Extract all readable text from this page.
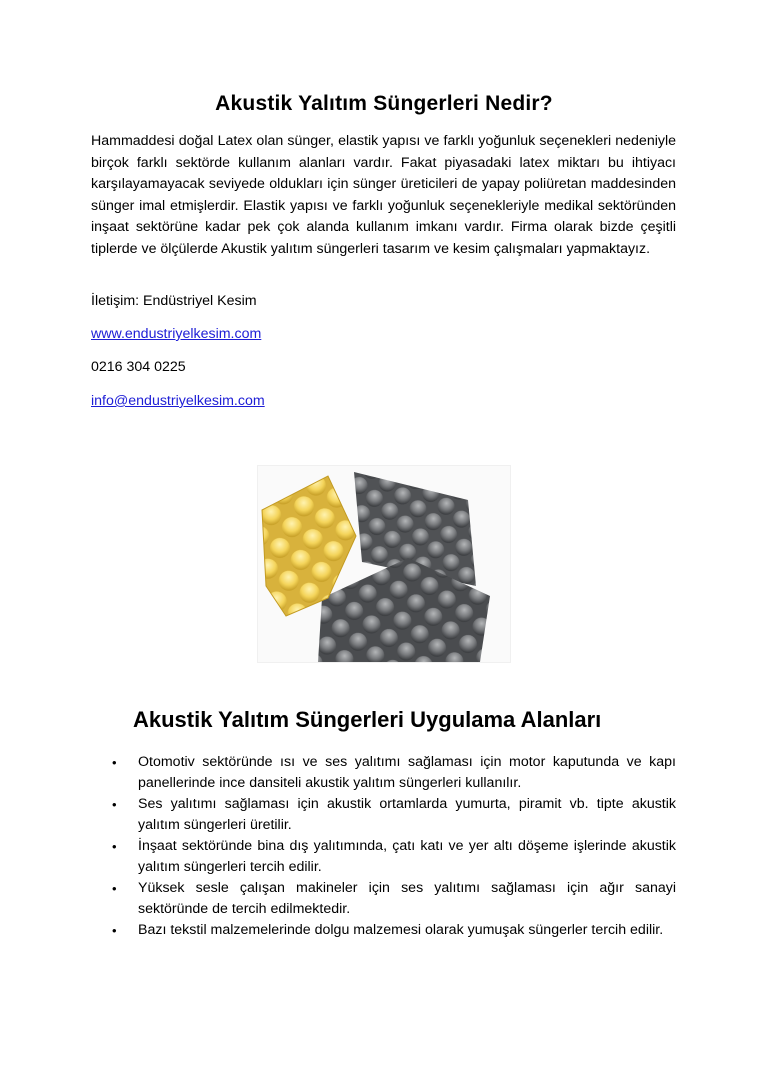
Akustik Yalıtım Süngerleri Nedir?

Hammaddesi doğal Latex olan sünger, elastik yapısı ve farklı yoğunluk seçenekleri nedeniyle birçok farklı sektörde kullanım alanları vardır. Fakat piyasadaki latex miktarı bu ihtiyacı karşılayamayacak seviyede oldukları için sünger üreticileri de yapay poliüretan maddesinden sünger imal etmişlerdir. Elastik yapısı ve farklı yoğunluk seçenekleriyle medikal sektöründen inşaat sektörüne kadar pek çok alanda kullanım imkanı vardır. Firma olarak bizde çeşitli tiplerde ve ölçülerde Akustik yalıtım süngerleri tasarım ve kesim çalışmaları yapmaktayız.

İletişim: Endüstriyel Kesim
www.endustriyelkesim.com
0216 304 0225
info@endustriyelkesim.com
Akustik Yalıtım Süngerleri Uygulama Alanları
• Otomotiv sektöründe ısı ve ses yalıtımı sağlaması için motor kaputunda ve kapı panellerinde ince dansiteli akustik yalıtım süngerleri kullanılır.
• Ses yalıtımı sağlaması için akustik ortamlarda yumurta, piramit vb. tipte akustik yalıtım süngerleri üretilir.
• İnşaat sektöründe bina dış yalıtımında, çatı katı ve yer altı döşeme işlerinde akustik yalıtım süngerleri tercih edilir.
• Yüksek sesle çalışan makineler için ses yalıtımı sağlaması için ağır sanayi sektöründe de tercih edilmektedir.
• Bazı tekstil malzemelerinde dolgu malzemesi olarak yumuşak süngerler tercih edilir.
